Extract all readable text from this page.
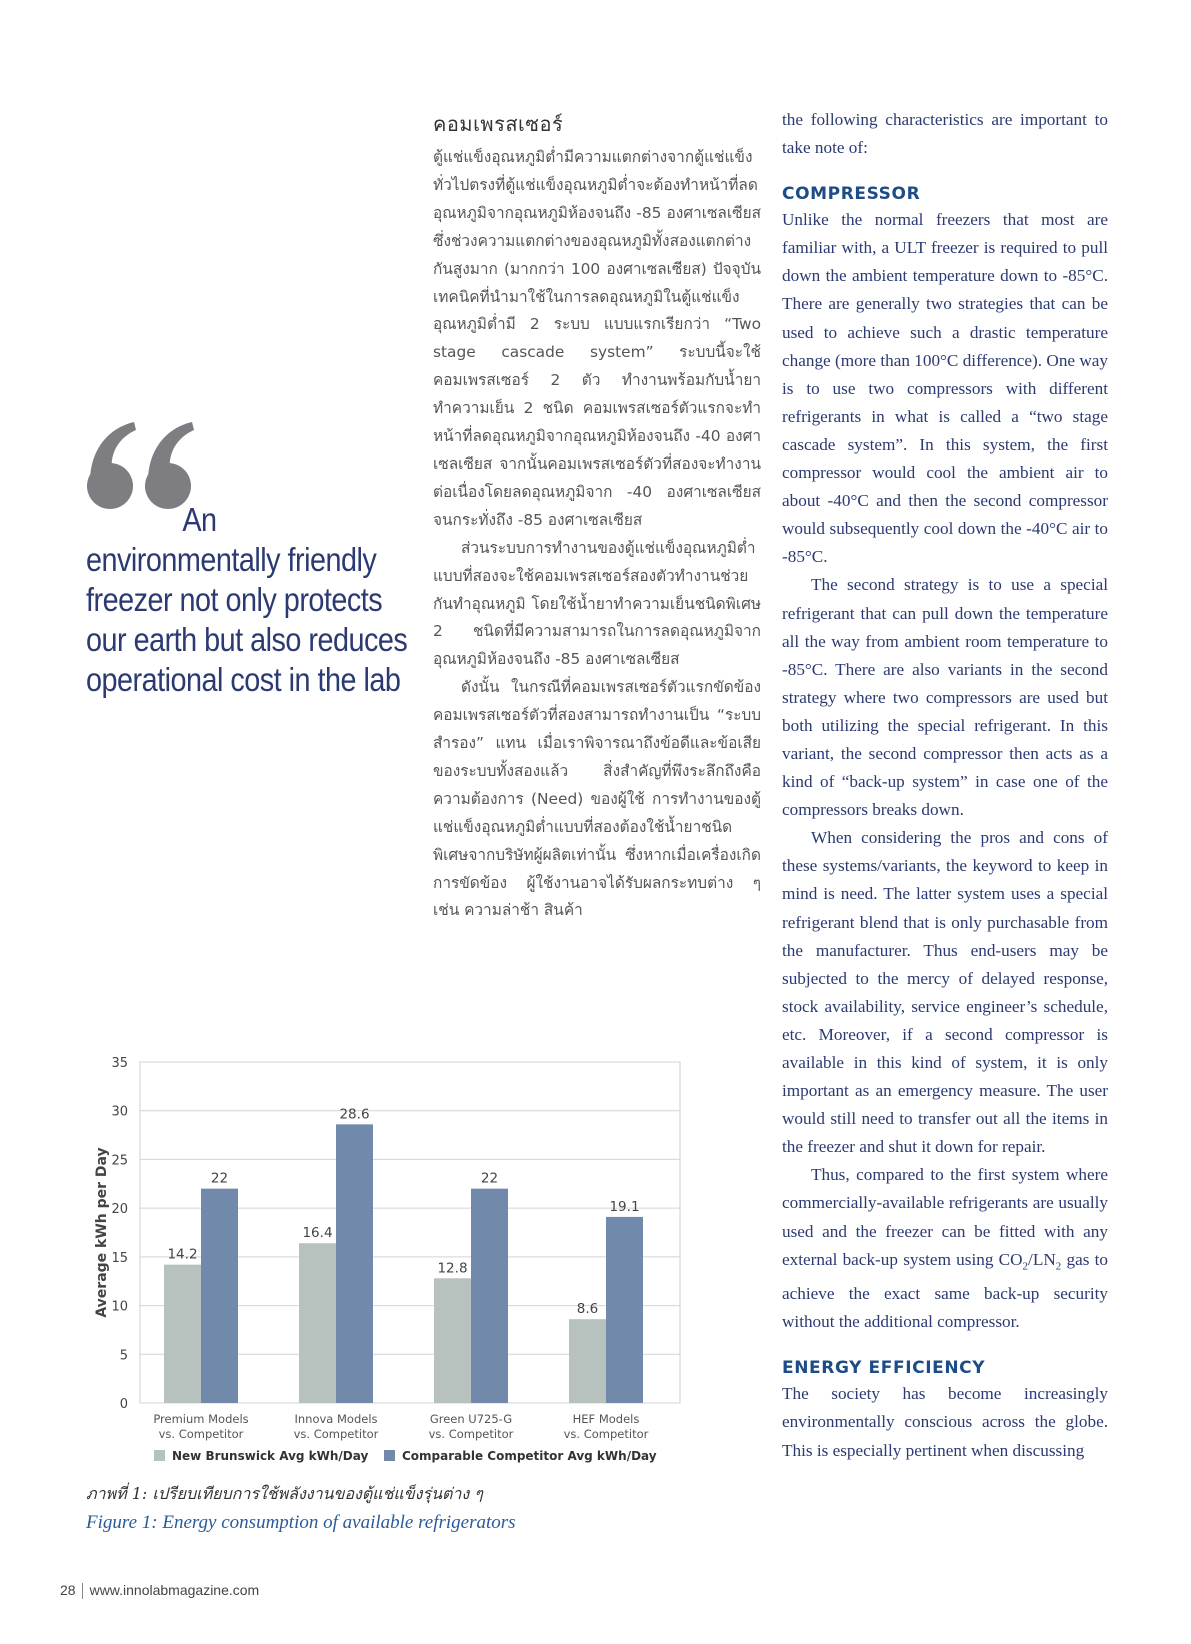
คอมเพรสเซอร์

ตู้แช่แข็งอุณหภูมิต่ำมีความแตกต่างจากตู้แช่แข็งทั่วไปตรงที่ตู้แช่แข็งอุณหภูมิต่ำจะต้องทำหน้าที่ลดอุณหภูมิจากอุณหภูมิห้องจนถึง -85 องศาเซลเซียส ซึ่งช่วงความแตกต่างของอุณหภูมิทั้งสองแตกต่างกันสูงมาก (มากกว่า 100 องศาเซลเซียส) ปัจจุบันเทคนิคที่นำมาใช้ในการลดอุณหภูมิในตู้แช่แข็งอุณหภูมิต่ำมี 2 ระบบ แบบแรกเรียกว่า “Two stage cascade system” ระบบนี้จะใช้คอมเพรสเซอร์ 2 ตัว ทำงานพร้อมกับน้ำยาทำความเย็น 2 ชนิด คอมเพรสเซอร์ตัวแรกจะทำหน้าที่ลดอุณหภูมิจากอุณหภูมิห้องจนถึง -40 องศาเซลเซียส จากนั้นคอมเพรสเซอร์ตัวที่สองจะทำงานต่อเนื่องโดยลดอุณหภูมิจาก -40 องศาเซลเซียส จนกระทั่งถึง -85 องศาเซลเซียส

ส่วนระบบการทำงานของตู้แช่แข็งอุณหภูมิต่ำแบบที่สองจะใช้คอมเพรสเซอร์สองตัวทำงานช่วยกันทำอุณหภูมิ โดยใช้น้ำยาทำความเย็นชนิดพิเศษ 2 ชนิดที่มีความสามารถในการลดอุณหภูมิจากอุณหภูมิห้องจนถึง -85 องศาเซลเซียส

ดังนั้น ในกรณีที่คอมเพรสเซอร์ตัวแรกขัดข้อง คอมเพรสเซอร์ตัวที่สองสามารถทำงานเป็น “ระบบสำรอง” แทน เมื่อเราพิจารณาถึงข้อดีและข้อเสียของระบบทั้งสองแล้ว สิ่งสำคัญที่พึงระลึกถึงคือความต้องการ (Need) ของผู้ใช้ การทำงานของตู้แช่แข็งอุณหภูมิต่ำแบบที่สองต้องใช้น้ำยาชนิดพิเศษจากบริษัทผู้ผลิตเท่านั้น ซึ่งหากเมื่อเครื่องเกิดการขัดข้อง ผู้ใช้งานอาจได้รับผลกระทบต่าง ๆ เช่น ความล่าช้า สินค้า

An environmentally friendly freezer not only protects our earth but also reduces operational cost in the lab

the following characteristics are important to take note of:

COMPRESSOR

Unlike the normal freezers that most are familiar with, a ULT freezer is required to pull down the ambient temperature down to -85°C. There are generally two strategies that can be used to achieve such a drastic temperature change (more than 100°C difference). One way is to use two compressors with different refrigerants in what is called a “two stage cascade system”. In this system, the first compressor would cool the ambient air to about -40°C and then the second compressor would subsequently cool down the -40°C air to -85°C.

The second strategy is to use a special refrigerant that can pull down the temperature all the way from ambient room temperature to -85°C. There are also variants in the second strategy where two compressors are used but both utilizing the special refrigerant. In this variant, the second compressor then acts as a kind of “back-up system” in case one of the compressors breaks down.

When considering the pros and cons of these systems/variants, the keyword to keep in mind is need. The latter system uses a special refrigerant blend that is only purchasable from the manufacturer. Thus end-users may be subjected to the mercy of delayed response, stock availability, service engineer’s schedule, etc. Moreover, if a second compressor is available in this kind of system, it is only important as an emergency measure. The user would still need to transfer out all the items in the freezer and shut it down for repair.

Thus, compared to the first system where commercially-available refrigerants are usually used and the freezer can be fitted with any external back-up system using $CO_2/LN_2$ gas to achieve the exact same back-up security without the additional compressor.

ENERGY EFFICIENCY

The society has become increasingly environmentally conscious across the globe. This is especially pertinent when discussing

0
5
10
15
20
25
30
35
Average kWh per Day	14.2
22
Premium Models
vs. Competitor
16.4
28.6
Innova Models
vs. Competitor
12.8
22
Green U725-G
vs. Competitor
8.6
19.1
HEF Models
vs. Competitor
New Brunswick Avg kWh/Day	Comparable Competitor Avg kWh/Day
ภาพที่ 1: เปรียบเทียบการใช้พลังงานของตู้แช่แข็งรุ่นต่าง ๆ
Figure 1: Energy consumption of available refrigerators
28 www.innolabmagazine.com
